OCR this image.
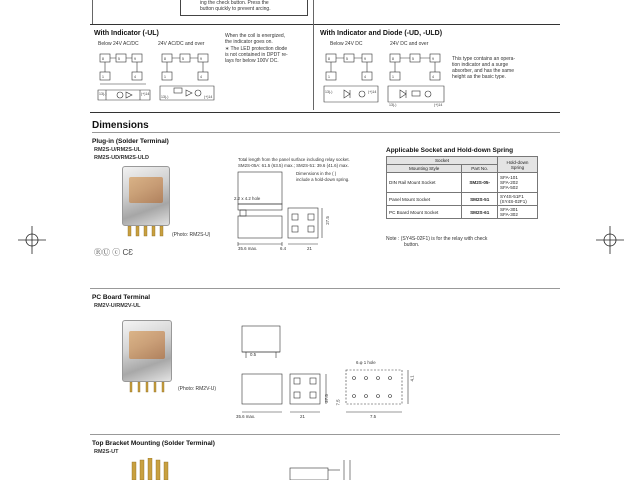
ing the check button. Press the
button quickly to prevent arcing.
With Indicator (-UL)
Below 24V AC/DC	24V AC/DC and over
When the coil is energized,
the indicator goes on.
∗ The LED protection diode
is not contained in DPDT re-
lays for below 100V DC.
8	5	9
1	4
13(-)	(+)14
8	5	9
1	4
13(-)	(+)14
With Indicator and Diode (-UD, -ULD)
Below 24V DC	24V DC and over
This type contains an opera-
tion indicator and a surge
absorber, and has the same
height as the basic type.
8	5	9
1	4
13(-)	(+)14
8	5	9
1	4
13(-)	(+)14
Dimensions
Plug-in (Solder Terminal)
RM2S-U/RM2S-UL
RM2S-UD/RM2S-ULD
(Photo: RM2S-U)
ⓇⓊ ⓒ CƐ
Total length from the panel surface including relay socket.
SM2S-05A: 61.5 (63.5) max.; SM2S-51: 39.6 (41.6) max.
Dimensions in the ( )
include a hold-down spring.
2.2 x 4.2 hole
35.6 max.	6.4	21
27.5
Applicable Socket and Hold-down Spring
Socket		Hold-down Spring
Mounting Style	Part No.	
DIN Rail Mount Socket	SM2S-05-	SFA-101
SFA-202
SFA-502

Panel Mount Socket	SM2S-51	SY4S-51F1
(SY4S-02F1)

PC Board Mount Socket	SM2S-61	SFA-301
SFA-302
Note : (SY4S-02F1) is for the relay with check
button.
PC Board Terminal
RM2V-U/RM2V-UL
(Photo: RM2V-U)
0.5
35.6 max.
27.5
21
6.φ 1 hole
7.5
7.5
4.1
Top Bracket Mounting (Solder Terminal)
RM2S-UT
